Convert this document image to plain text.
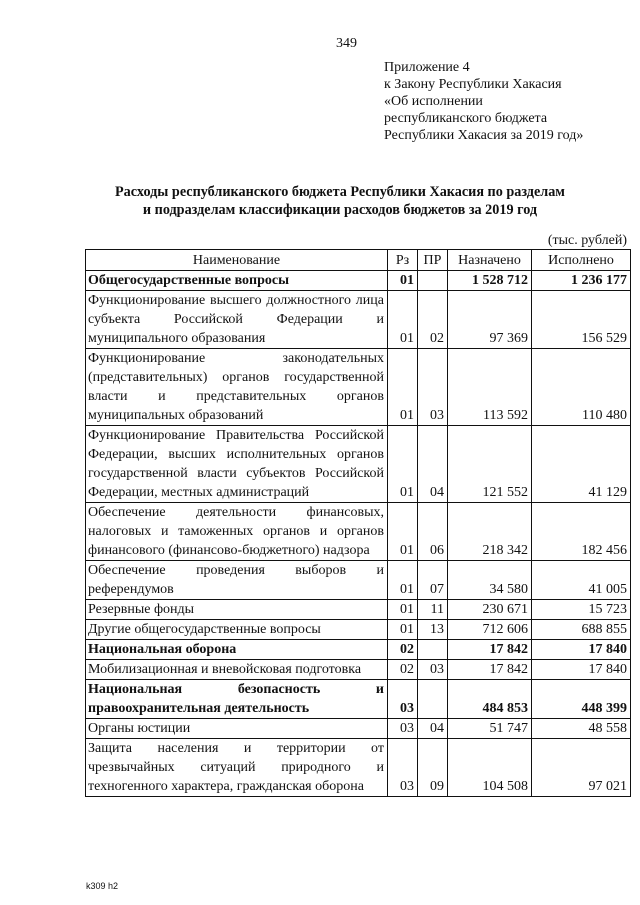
349
Приложение 4
к Закону Республики Хакасия
«Об исполнении
республиканского бюджета
Республики Хакасия за 2019 год»
Расходы республиканского бюджета Республики Хакасия по разделам
и подразделам классификации расходов бюджетов за 2019 год
(тыс. рублей)
Наименование	Рз	ПР	Назначено	Исполнено
Общегосударственные вопросы	01		1 528 712	1 236 177
Функционирование высшего должностного лица субъекта Российской Федерации и муниципального образования	01	02	97 369	156 529
Функционирование законодательных (представительных) органов государственной власти и представительных органов муниципальных образований	01	03	113 592	110 480
Функционирование Правительства Российской Федерации, высших исполнительных органов государственной власти субъектов Российской Федерации, местных администраций	01	04	121 552	41 129
Обеспечение деятельности финансовых, налоговых и таможенных органов и органов финансового (финансово-бюджетного) надзора	01	06	218 342	182 456
Обеспечение проведения выборов и референдумов	01	07	34 580	41 005
Резервные фонды	01	11	230 671	15 723
Другие общегосударственные вопросы	01	13	712 606	688 855
Национальная оборона	02		17 842	17 840
Мобилизационная и вневойсковая подготовка	02	03	17 842	17 840
Национальная безопасность и правоохранительная деятельность	03		484 853	448 399
Органы юстиции	03	04	51 747	48 558
Защита населения и территории от чрезвычайных ситуаций природного и техногенного характера, гражданская оборона	03	09	104 508	97 021
k309 h2
